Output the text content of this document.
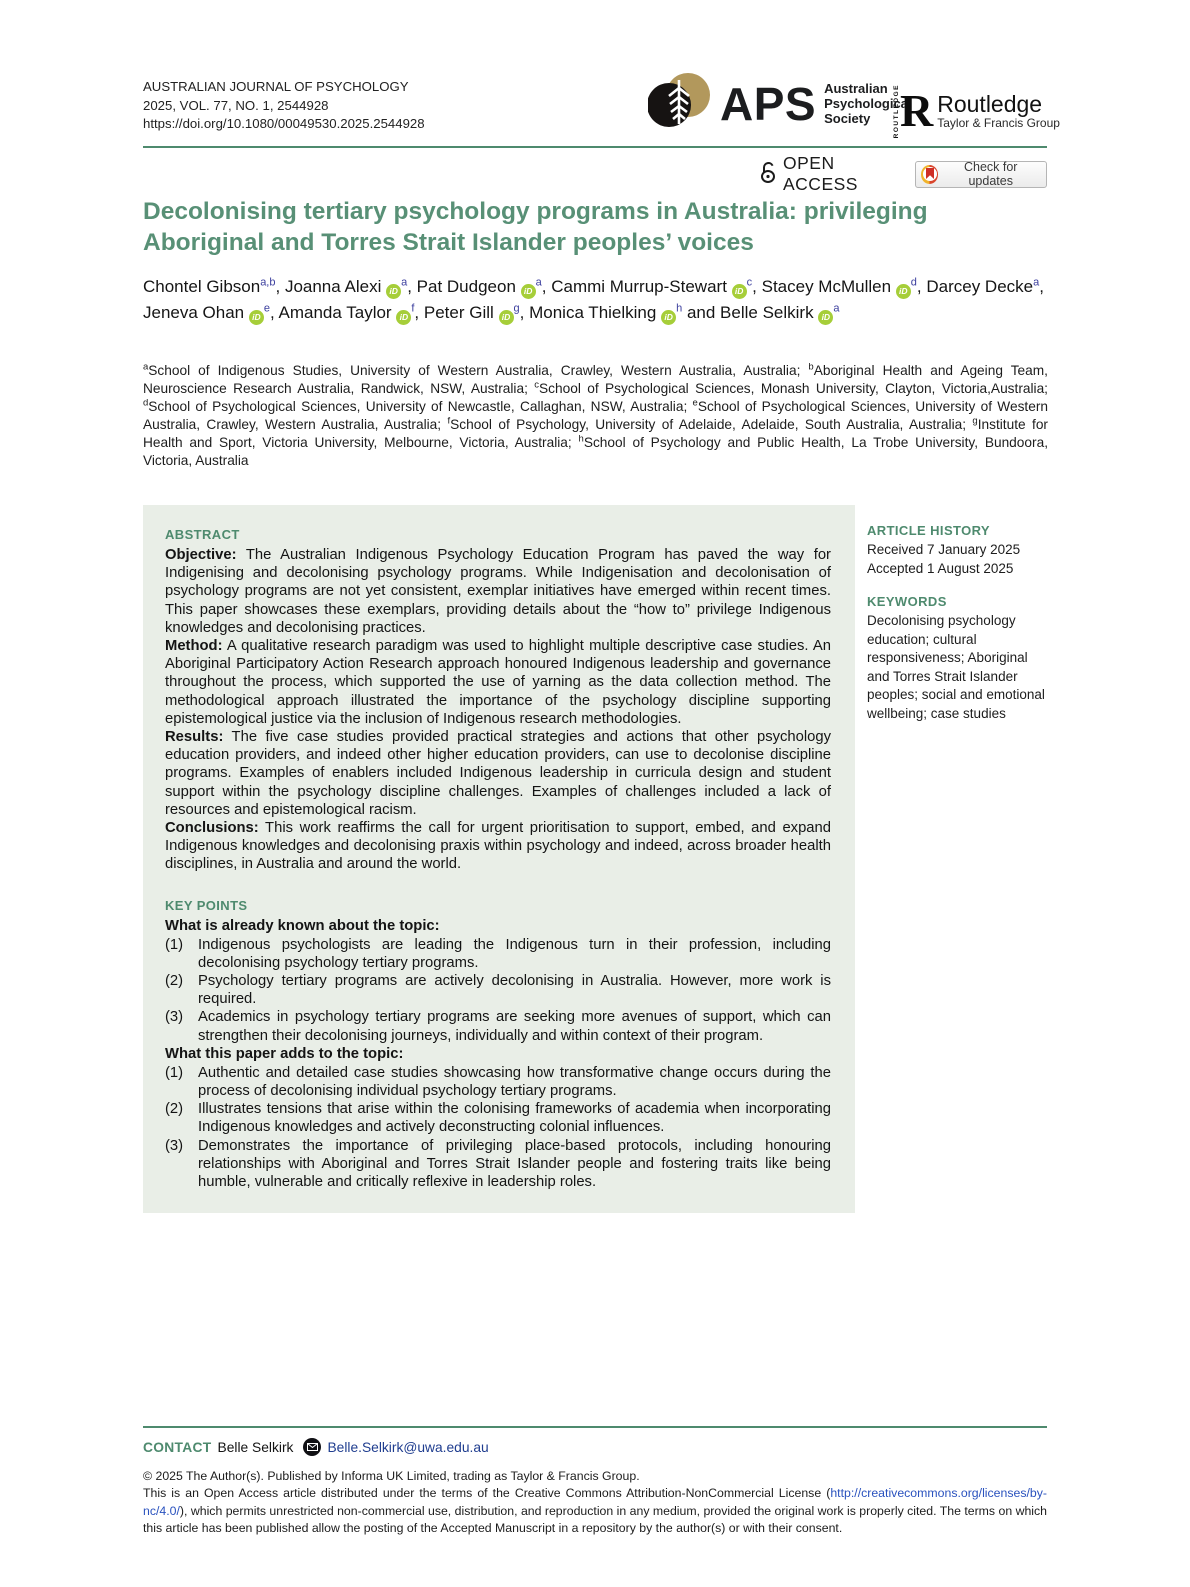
AUSTRALIAN JOURNAL OF PSYCHOLOGY
2025, VOL. 77, NO. 1, 2544928
https://doi.org/10.1080/00049530.2025.2544928	APS Australian
Psychological
Society	ROUTLEDGE R Routledge
Taylor & Francis Group
OPEN ACCESS
Check for updates
Decolonising tertiary psychology programs in Australia: privileging Aboriginal and Torres Strait Islander peoples’ voices
Chontel Gibson$^{a,b}$, Joanna Alexi $iD^a$, Pat Dudgeon $iD^a$, Cammi Murrup-Stewart $iD^c$, Stacey McMullen $iD^d$, Darcey Decke$^a$, Jeneva Ohan $iD^e$, Amanda Taylor $iD^f$, Peter Gill $iD^g$, Monica Thielking $iD^h$ and Belle Selkirk $iD^a$
$^a$School of Indigenous Studies, University of Western Australia, Crawley, Western Australia, Australia; $^b$Aboriginal Health and Ageing Team, Neuroscience Research Australia, Randwick, NSW, Australia; $^c$School of Psychological Sciences, Monash University, Clayton, Victoria,Australia; $^d$School of Psychological Sciences, University of Newcastle, Callaghan, NSW, Australia; $^e$School of Psychological Sciences, University of Western Australia, Crawley, Western Australia, Australia; $^f$School of Psychology, University of Adelaide, Adelaide, South Australia, Australia; $^g$Institute for Health and Sport, Victoria University, Melbourne, Victoria, Australia; $^h$School of Psychology and Public Health, La Trobe University, Bundoora, Victoria, Australia
ABSTRACT
Objective: The Australian Indigenous Psychology Education Program has paved the way for Indigenising and decolonising psychology programs. While Indigenisation and decolonisation of psychology programs are not yet consistent, exemplar initiatives have emerged within recent times. This paper showcases these exemplars, providing details about the “how to” privilege Indigenous knowledges and decolonising practices.
Method: A qualitative research paradigm was used to highlight multiple descriptive case studies. An Aboriginal Participatory Action Research approach honoured Indigenous leadership and governance throughout the process, which supported the use of yarning as the data collection method. The methodological approach illustrated the importance of the psychology discipline supporting epistemological justice via the inclusion of Indigenous research methodologies.
Results: The five case studies provided practical strategies and actions that other psychology education providers, and indeed other higher education providers, can use to decolonise discipline programs. Examples of enablers included Indigenous leadership in curricula design and student support within the psychology discipline challenges. Examples of challenges included a lack of resources and epistemological racism.
Conclusions: This work reaffirms the call for urgent prioritisation to support, embed, and expand Indigenous knowledges and decolonising praxis within psychology and indeed, across broader health disciplines, in Australia and around the world.
KEY POINTS
What is already known about the topic:
(1) Indigenous psychologists are leading the Indigenous turn in their profession, including decolonising psychology tertiary programs.
(2) Psychology tertiary programs are actively decolonising in Australia. However, more work is required.
(3) Academics in psychology tertiary programs are seeking more avenues of support, which can strengthen their decolonising journeys, individually and within context of their program.
What this paper adds to the topic:
(1) Authentic and detailed case studies showcasing how transformative change occurs during the process of decolonising individual psychology tertiary programs.
(2) Illustrates tensions that arise within the colonising frameworks of academia when incorporating Indigenous knowledges and actively deconstructing colonial influences.
(3) Demonstrates the importance of privileging place-based protocols, including honouring relationships with Aboriginal and Torres Strait Islander people and fostering traits like being humble, vulnerable and critically reflexive in leadership roles.
ARTICLE HISTORY
Received 7 January 2025
Accepted 1 August 2025
KEYWORDS
Decolonising psychology education; cultural responsiveness; Aboriginal and Torres Strait Islander peoples; social and emotional wellbeing; case studies
CONTACT Belle Selkirk Belle.Selkirk@uwa.edu.au
© 2025 The Author(s). Published by Informa UK Limited, trading as Taylor & Francis Group.
This is an Open Access article distributed under the terms of the Creative Commons Attribution-NonCommercial License (http://creativecommons.org/licenses/by-nc/4.0/), which permits unrestricted non-commercial use, distribution, and reproduction in any medium, provided the original work is properly cited. The terms on which this article has been published allow the posting of the Accepted Manuscript in a repository by the author(s) or with their consent.
